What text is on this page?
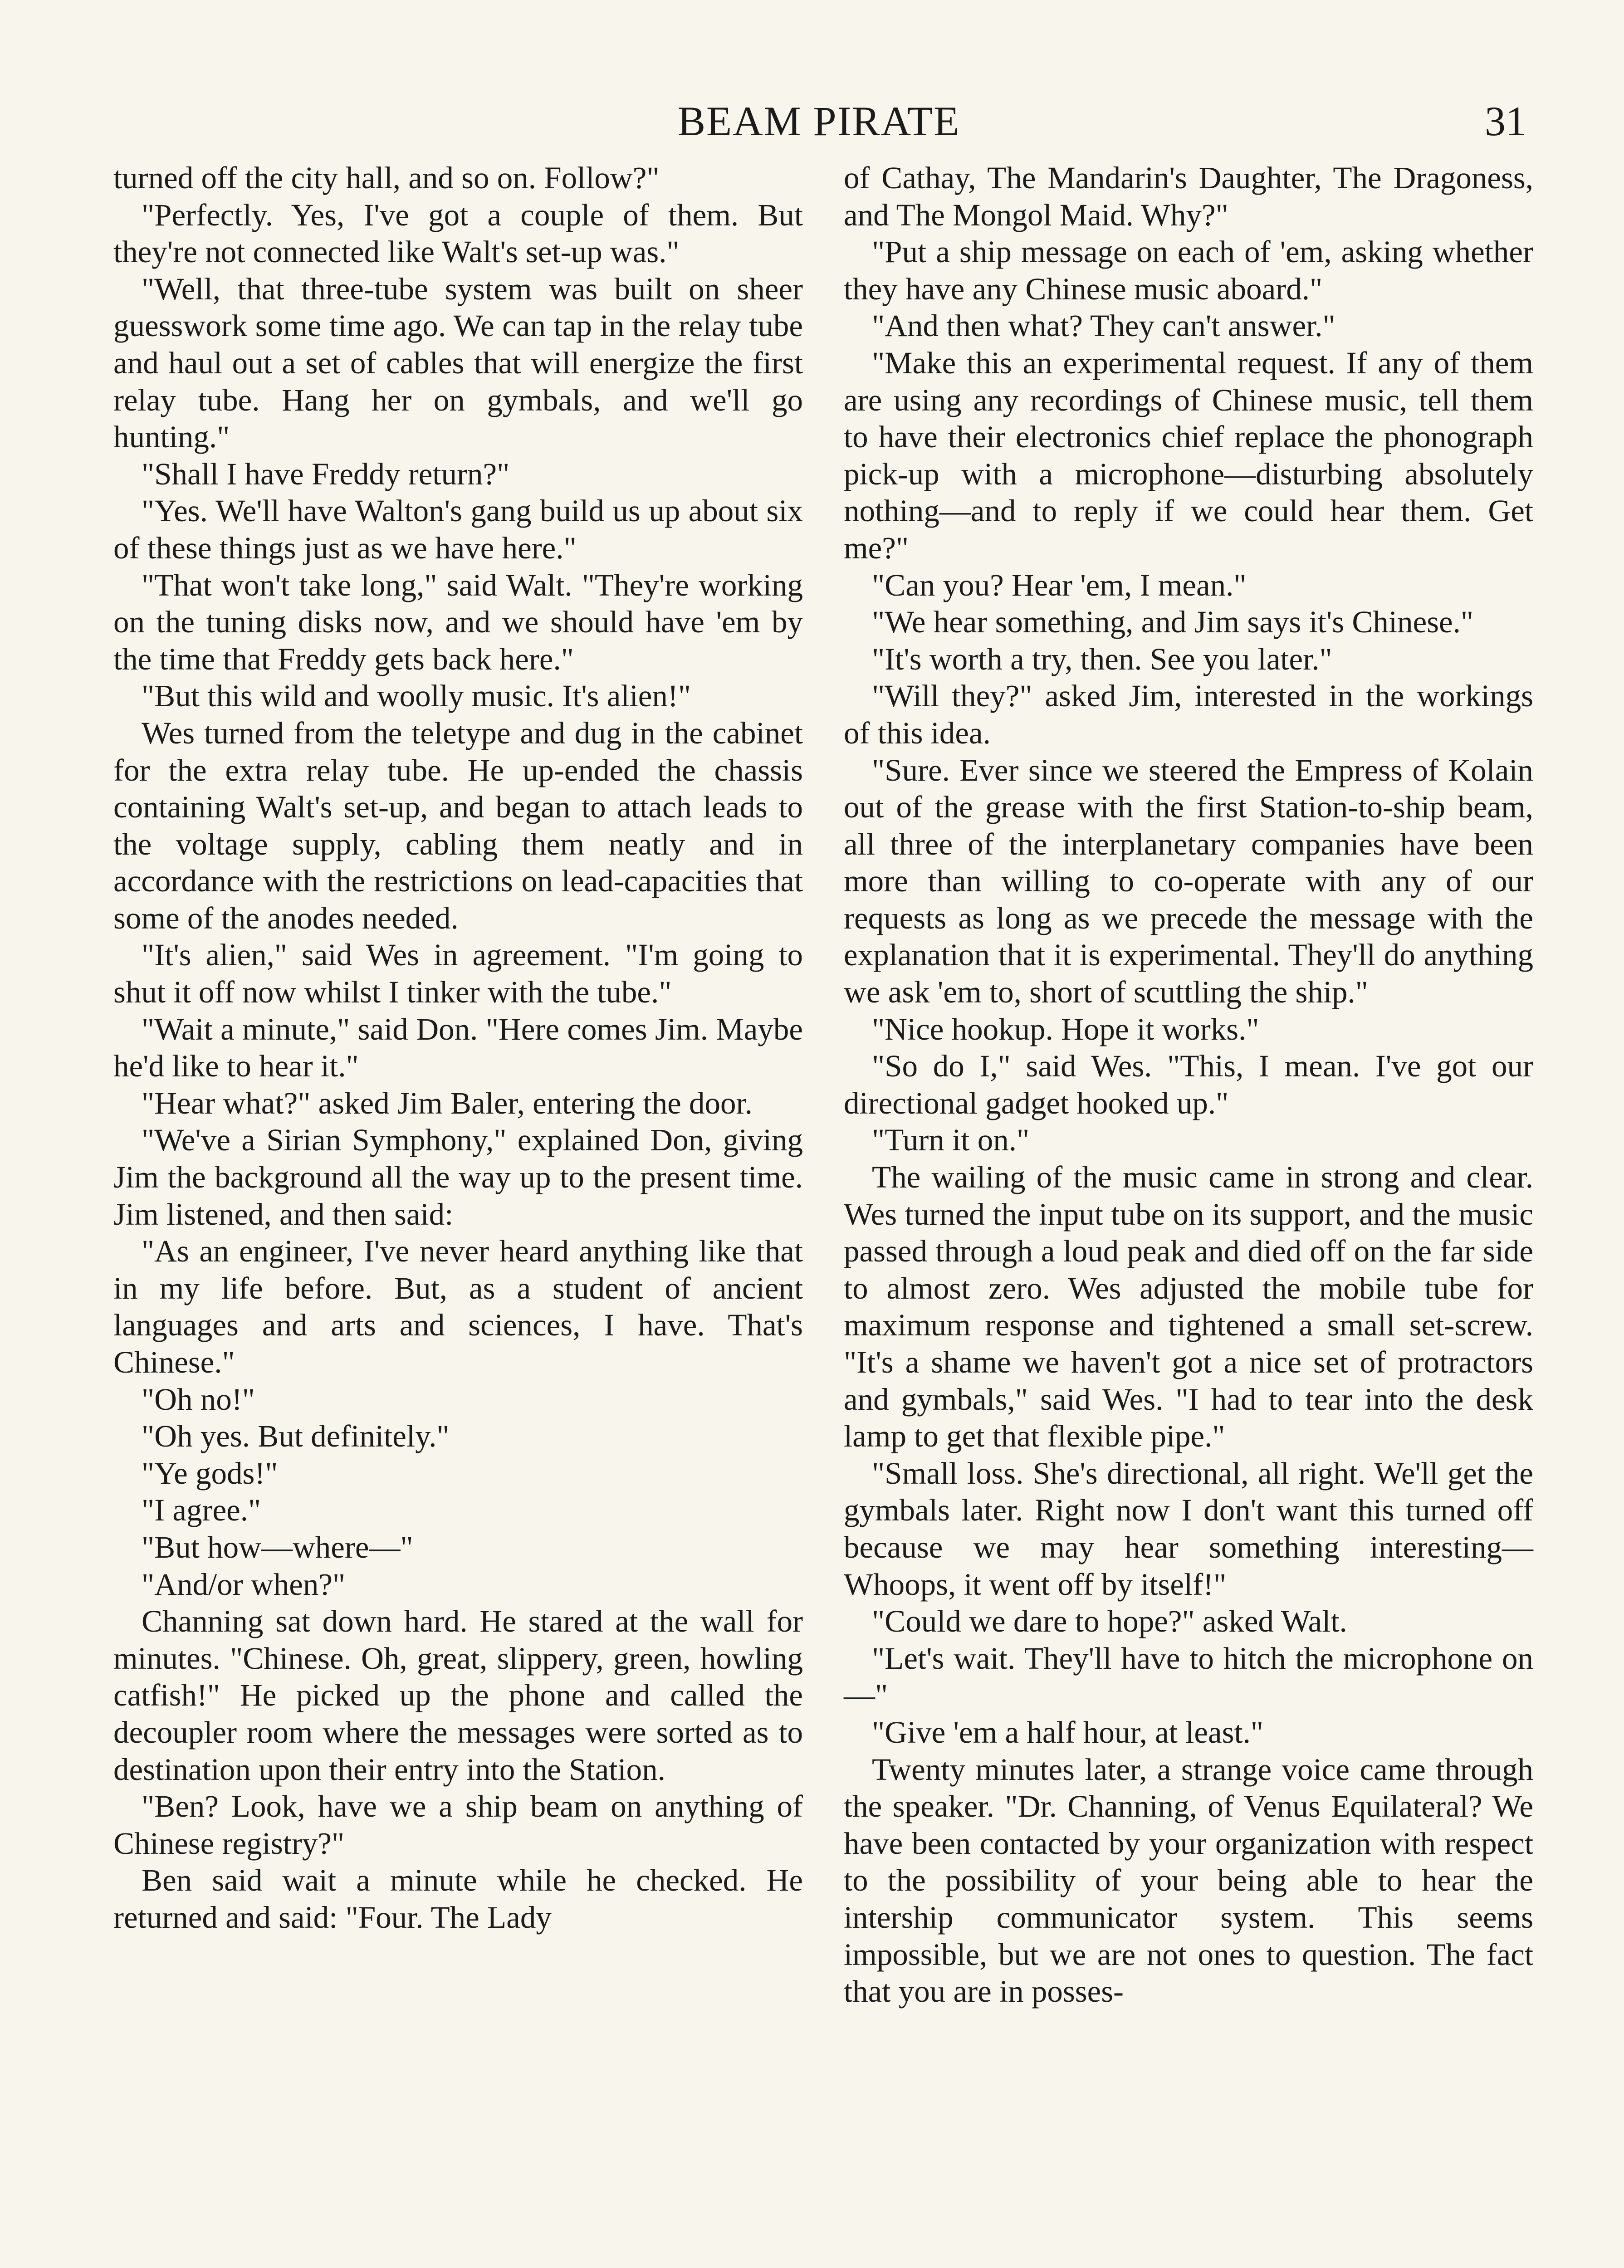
BEAM PIRATE	31

turned off the city hall, and so on. Follow?"

"Perfectly. Yes, I've got a couple of them. But they're not connected like Walt's set-up was."

"Well, that three-tube system was built on sheer guesswork some time ago. We can tap in the relay tube and haul out a set of cables that will energize the first relay tube. Hang her on gymbals, and we'll go hunting."

"Shall I have Freddy return?"

"Yes. We'll have Walton's gang build us up about six of these things just as we have here."

"That won't take long," said Walt. "They're working on the tuning disks now, and we should have 'em by the time that Freddy gets back here."

"But this wild and woolly music. It's alien!"

Wes turned from the teletype and dug in the cabinet for the extra relay tube. He up-ended the chassis containing Walt's set-up, and began to attach leads to the voltage supply, cabling them neatly and in accordance with the restrictions on lead-capacities that some of the anodes needed.

"It's alien," said Wes in agreement. "I'm going to shut it off now whilst I tinker with the tube."

"Wait a minute," said Don. "Here comes Jim. Maybe he'd like to hear it."

"Hear what?" asked Jim Baler, entering the door.

"We've a Sirian Symphony," explained Don, giving Jim the background all the way up to the present time. Jim listened, and then said:

"As an engineer, I've never heard anything like that in my life before. But, as a student of ancient languages and arts and sciences, I have. That's Chinese."

"Oh no!"

"Oh yes. But definitely."

"Ye gods!"

"I agree."

"But how—where—"

"And/or when?"

Channing sat down hard. He stared at the wall for minutes. "Chinese. Oh, great, slippery, green, howling catfish!" He picked up the phone and called the decoupler room where the messages were sorted as to destination upon their entry into the Station.

"Ben? Look, have we a ship beam on anything of Chinese registry?"

Ben said wait a minute while he checked. He returned and said: "Four. The Lady

of Cathay, The Mandarin's Daughter, The Dragoness, and The Mongol Maid. Why?"

"Put a ship message on each of 'em, asking whether they have any Chinese music aboard."

"And then what? They can't answer."

"Make this an experimental request. If any of them are using any recordings of Chinese music, tell them to have their electronics chief replace the phonograph pick-up with a microphone—disturbing absolutely nothing—and to reply if we could hear them. Get me?"

"Can you? Hear 'em, I mean."

"We hear something, and Jim says it's Chinese."

"It's worth a try, then. See you later."

"Will they?" asked Jim, interested in the workings of this idea.

"Sure. Ever since we steered the Empress of Kolain out of the grease with the first Station-to-ship beam, all three of the interplanetary companies have been more than willing to co-operate with any of our requests as long as we precede the message with the explanation that it is experimental. They'll do anything we ask 'em to, short of scuttling the ship."

"Nice hookup. Hope it works."

"So do I," said Wes. "This, I mean. I've got our directional gadget hooked up."

"Turn it on."

The wailing of the music came in strong and clear. Wes turned the input tube on its support, and the music passed through a loud peak and died off on the far side to almost zero. Wes adjusted the mobile tube for maximum response and tightened a small set-screw. "It's a shame we haven't got a nice set of protractors and gymbals," said Wes. "I had to tear into the desk lamp to get that flexible pipe."

"Small loss. She's directional, all right. We'll get the gymbals later. Right now I don't want this turned off because we may hear something interesting— Whoops, it went off by itself!"

"Could we dare to hope?" asked Walt.

"Let's wait. They'll have to hitch the microphone on—"

"Give 'em a half hour, at least."

Twenty minutes later, a strange voice came through the speaker. "Dr. Channing, of Venus Equilateral? We have been contacted by your organization with respect to the possibility of your being able to hear the intership communicator system. This seems impossible, but we are not ones to question. The fact that you are in posses-
